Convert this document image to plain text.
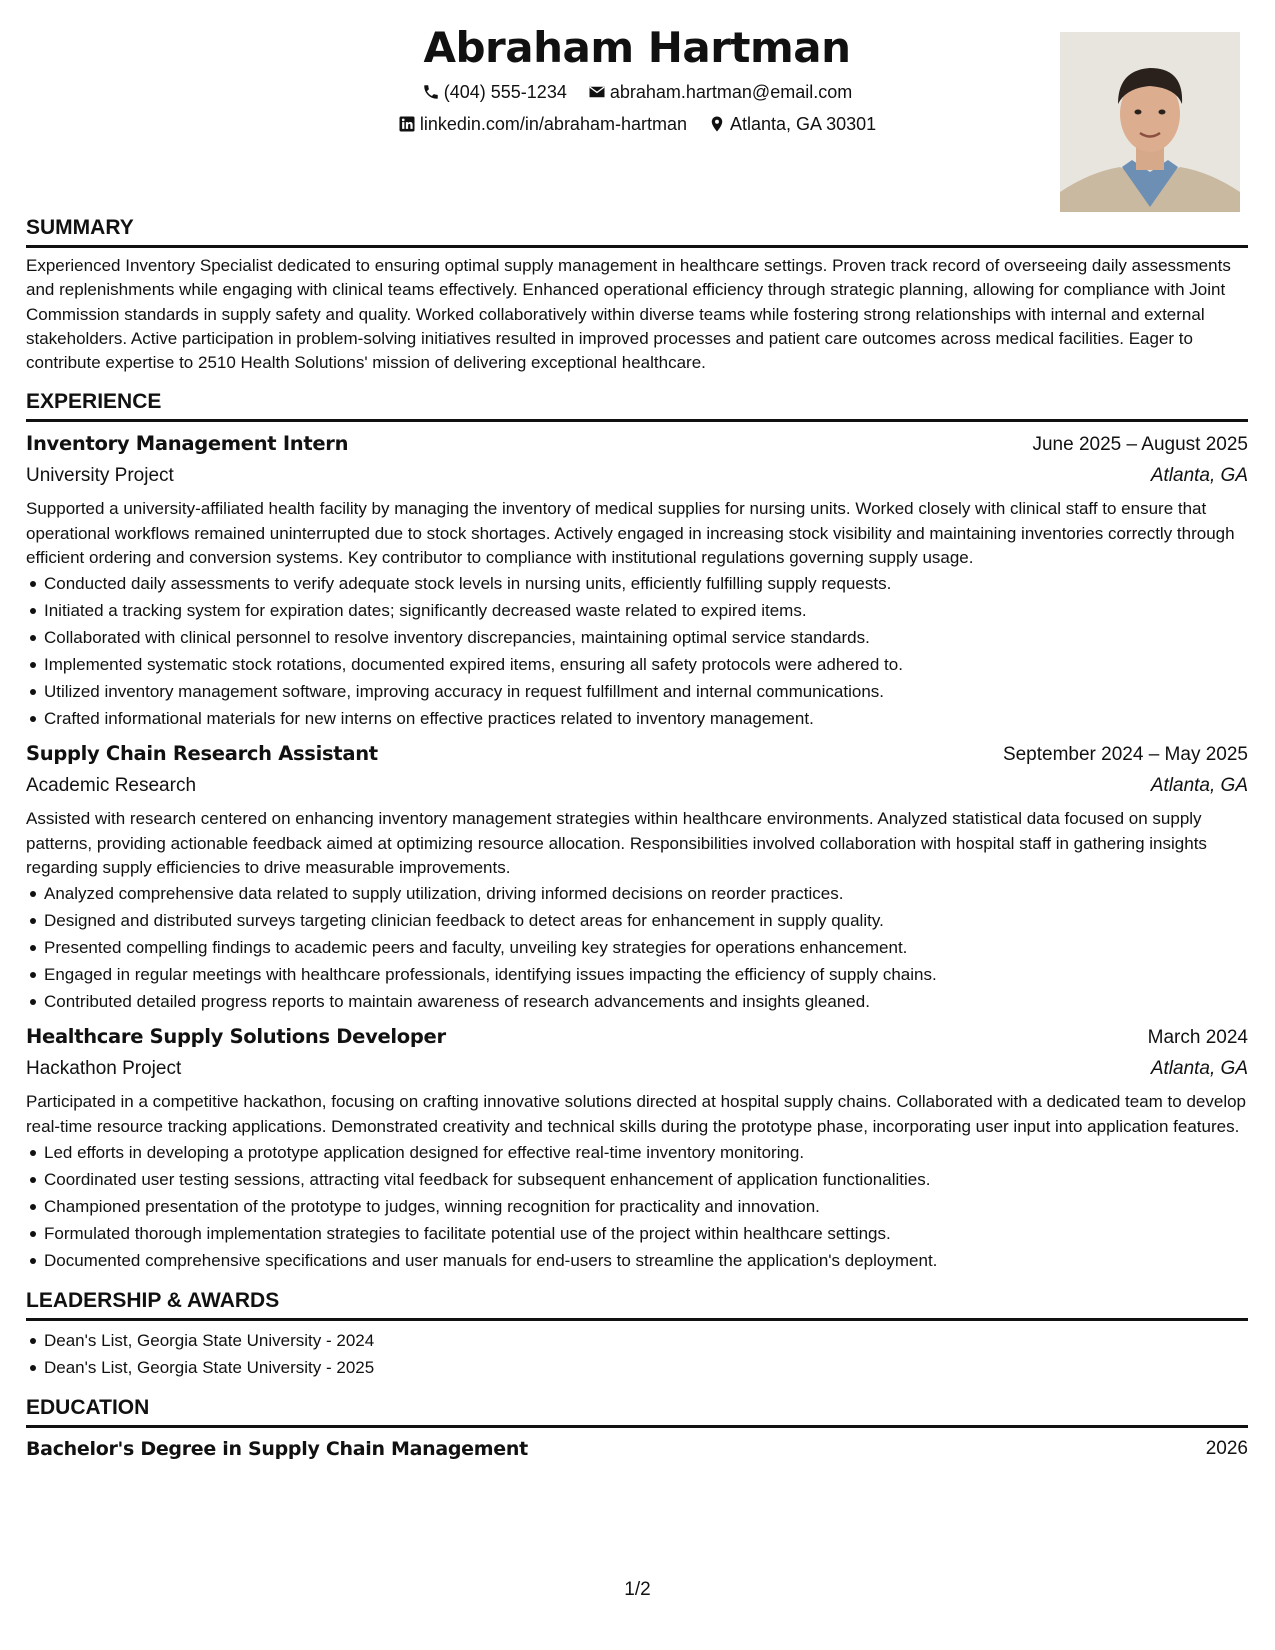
Abraham Hartman
(404) 555-1234
abraham.hartman@email.com
linkedin.com/in/abraham-hartman
Atlanta, GA 30301
SUMMARY

Experienced Inventory Specialist dedicated to ensuring optimal supply management in healthcare settings. Proven track record of overseeing daily assessments and replenishments while engaging with clinical teams effectively. Enhanced operational efficiency through strategic planning, allowing for compliance with Joint Commission standards in supply safety and quality. Worked collaboratively within diverse teams while fostering strong relationships with internal and external stakeholders. Active participation in problem-solving initiatives resulted in improved processes and patient care outcomes across medical facilities. Eager to contribute expertise to 2510 Health Solutions' mission of delivering exceptional healthcare.

EXPERIENCE
Inventory Management Intern	June 2025 – August 2025
University Project	Atlanta, GA

Supported a university-affiliated health facility by managing the inventory of medical supplies for nursing units. Worked closely with clinical staff to ensure that operational workflows remained uninterrupted due to stock shortages. Actively engaged in increasing stock visibility and maintaining inventories correctly through efficient ordering and conversion systems. Key contributor to compliance with institutional regulations governing supply usage.

Conducted daily assessments to verify adequate stock levels in nursing units, efficiently fulfilling supply requests.
Initiated a tracking system for expiration dates; significantly decreased waste related to expired items.
Collaborated with clinical personnel to resolve inventory discrepancies, maintaining optimal service standards.
Implemented systematic stock rotations, documented expired items, ensuring all safety protocols were adhered to.
Utilized inventory management software, improving accuracy in request fulfillment and internal communications.
Crafted informational materials for new interns on effective practices related to inventory management.
Supply Chain Research Assistant	September 2024 – May 2025
Academic Research	Atlanta, GA

Assisted with research centered on enhancing inventory management strategies within healthcare environments. Analyzed statistical data focused on supply patterns, providing actionable feedback aimed at optimizing resource allocation. Responsibilities involved collaboration with hospital staff in gathering insights regarding supply efficiencies to drive measurable improvements.

Analyzed comprehensive data related to supply utilization, driving informed decisions on reorder practices.
Designed and distributed surveys targeting clinician feedback to detect areas for enhancement in supply quality.
Presented compelling findings to academic peers and faculty, unveiling key strategies for operations enhancement.
Engaged in regular meetings with healthcare professionals, identifying issues impacting the efficiency of supply chains.
Contributed detailed progress reports to maintain awareness of research advancements and insights gleaned.
Healthcare Supply Solutions Developer	March 2024
Hackathon Project	Atlanta, GA

Participated in a competitive hackathon, focusing on crafting innovative solutions directed at hospital supply chains. Collaborated with a dedicated team to develop real-time resource tracking applications. Demonstrated creativity and technical skills during the prototype phase, incorporating user input into application features.

Led efforts in developing a prototype application designed for effective real-time inventory monitoring.
Coordinated user testing sessions, attracting vital feedback for subsequent enhancement of application functionalities.
Championed presentation of the prototype to judges, winning recognition for practicality and innovation.
Formulated thorough implementation strategies to facilitate potential use of the project within healthcare settings.
Documented comprehensive specifications and user manuals for end-users to streamline the application's deployment.
LEADERSHIP & AWARDS
Dean's List, Georgia State University - 2024
Dean's List, Georgia State University - 2025
EDUCATION
Bachelor's Degree in Supply Chain Management	2026
1/2
